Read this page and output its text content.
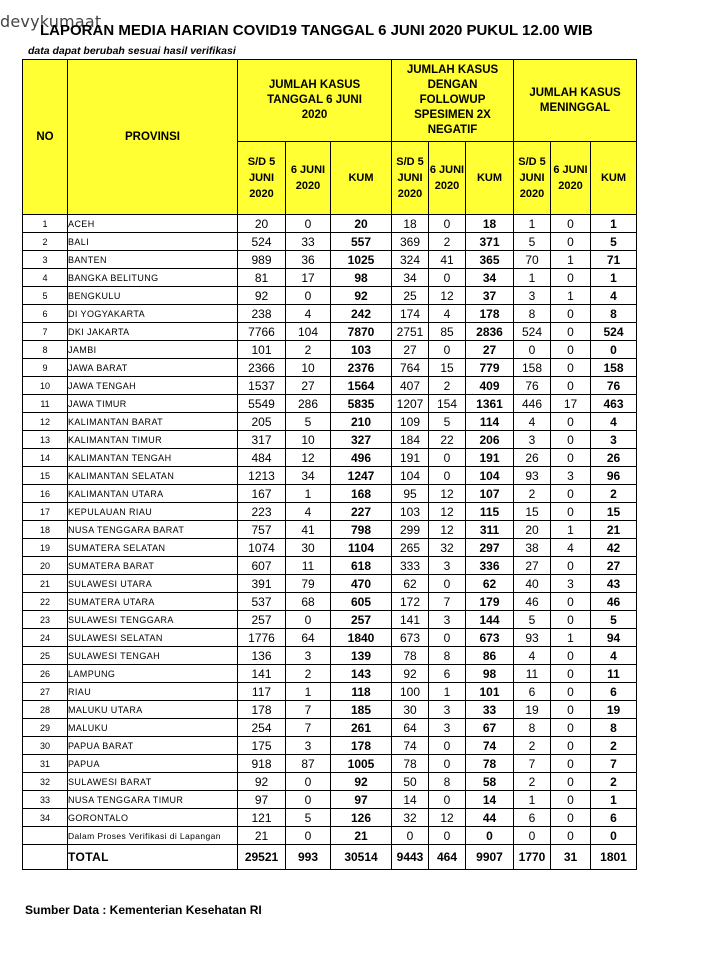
devykumaat
LAPORAN MEDIA HARIAN COVID19 TANGGAL 6 JUNI 2020 PUKUL 12.00 WIB
data dapat berubah sesuai hasil verifikasi
NO	PROVINSI	JUMLAH KASUS TANGGAL 6 JUNI 2020			JUMLAH KASUS DENGAN FOLLOWUP SPESIMEN 2X NEGATIF			JUMLAH KASUS MENINGGAL		
		S/D 5 JUNI 2020	6 JUNI 2020	KUM	S/D 5 JUNI 2020	6 JUNI 2020	KUM	S/D 5 JUNI 2020	6 JUNI 2020	KUM
1	ACEH	20	0	20	18	0	18	1	0	1
2	BALI	524	33	557	369	2	371	5	0	5
3	BANTEN	989	36	1025	324	41	365	70	1	71
4	BANGKA BELITUNG	81	17	98	34	0	34	1	0	1
5	BENGKULU	92	0	92	25	12	37	3	1	4
6	DI YOGYAKARTA	238	4	242	174	4	178	8	0	8
7	DKI JAKARTA	7766	104	7870	2751	85	2836	524	0	524
8	JAMBI	101	2	103	27	0	27	0	0	0
9	JAWA BARAT	2366	10	2376	764	15	779	158	0	158
10	JAWA TENGAH	1537	27	1564	407	2	409	76	0	76
11	JAWA TIMUR	5549	286	5835	1207	154	1361	446	17	463
12	KALIMANTAN BARAT	205	5	210	109	5	114	4	0	4
13	KALIMANTAN TIMUR	317	10	327	184	22	206	3	0	3
14	KALIMANTAN TENGAH	484	12	496	191	0	191	26	0	26
15	KALIMANTAN SELATAN	1213	34	1247	104	0	104	93	3	96
16	KALIMANTAN UTARA	167	1	168	95	12	107	2	0	2
17	KEPULAUAN RIAU	223	4	227	103	12	115	15	0	15
18	NUSA TENGGARA BARAT	757	41	798	299	12	311	20	1	21
19	SUMATERA SELATAN	1074	30	1104	265	32	297	38	4	42
20	SUMATERA BARAT	607	11	618	333	3	336	27	0	27
21	SULAWESI UTARA	391	79	470	62	0	62	40	3	43
22	SUMATERA UTARA	537	68	605	172	7	179	46	0	46
23	SULAWESI TENGGARA	257	0	257	141	3	144	5	0	5
24	SULAWESI SELATAN	1776	64	1840	673	0	673	93	1	94
25	SULAWESI TENGAH	136	3	139	78	8	86	4	0	4
26	LAMPUNG	141	2	143	92	6	98	11	0	11
27	RIAU	117	1	118	100	1	101	6	0	6
28	MALUKU UTARA	178	7	185	30	3	33	19	0	19
29	MALUKU	254	7	261	64	3	67	8	0	8
30	PAPUA BARAT	175	3	178	74	0	74	2	0	2
31	PAPUA	918	87	1005	78	0	78	7	0	7
32	SULAWESI BARAT	92	0	92	50	8	58	2	0	2
33	NUSA TENGGARA TIMUR	97	0	97	14	0	14	1	0	1
34	GORONTALO	121	5	126	32	12	44	6	0	6
	Dalam Proses Verifikasi di Lapangan	21	0	21	0	0	0	0	0	0
	TOTAL	29521	993	30514	9443	464	9907	1770	31	1801
Sumber Data : Kementerian Kesehatan RI
